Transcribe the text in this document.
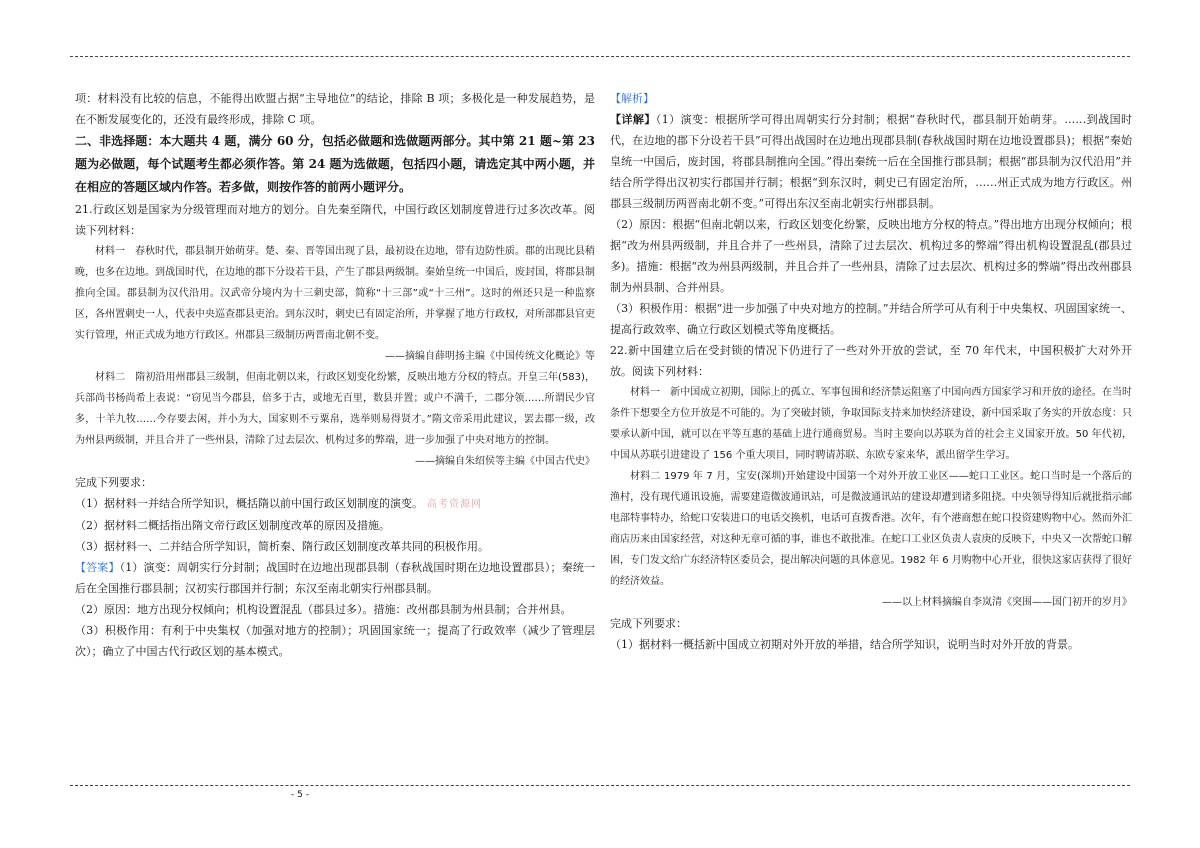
项：材料没有比较的信息，不能得出欧盟占据“主导地位”的结论，排除 B 项；多极化是一种发展趋势，是在不断发展变化的，还没有最终形成，排除 C 项。

二、非选择题：本大题共 4 题，满分 60 分，包括必做题和选做题两部分。其中第 21 题~第 23 题为必做题，每个试题考生都必须作答。第 24 题为选做题，包括四小题，请选定其中两小题，并在相应的答题区域内作答。若多做，则按作答的前两小题评分。

21.行政区划是国家为分级管理而对地方的划分。自先秦至隋代，中国行政区划制度曾进行过多次改革。阅读下列材料：

材料一　春秋时代，郡县制开始萌芽。楚、秦、晋等国出现了县，最初设在边地，带有边防性质。郡的出现比县稍晚，也多在边地。到战国时代，在边地的郡下分设若干县，产生了郡县两级制。秦始皇统一中国后，废封国，将郡县制推向全国。郡县制为汉代沿用。汉武帝分境内为十三刺史部，简称“十三部”或“十三州”。这时的州还只是一种监察区，各州置刺史一人，代表中央巡查郡县吏治。到东汉时，刺史已有固定治所，并掌握了地方行政权，对所部郡县官吏实行管理，州正式成为地方行政区。州郡县三级制历两晋南北朝不变。

——摘编自薛明扬主编《中国传统文化概论》等

材料二　隋初沿用州郡县三级制，但南北朝以来，行政区划变化纷繁，反映出地方分权的特点。开皇三年(583)，兵部尚书杨尚希上表说：“窃见当今郡县，倍多于古，或地无百里，数县并置；或户不满千，二郡分领……所谓民少官多，十羊九牧……今存要去闲，并小为大，国家则不亏粟帛，选举则易得贤才。”隋文帝采用此建议，罢去郡一级，改为州县两级制，并且合并了一些州县，清除了过去层次、机构过多的弊端，进一步加强了中央对地方的控制。

——摘编自朱绍侯等主编《中国古代史》

完成下列要求：

（1）据材料一并结合所学知识，概括隋以前中国行政区划制度的演变。 高考资源网

（2）据材料二概括指出隋文帝行政区划制度改革的原因及措施。

（3）据材料一、二并结合所学知识，简析秦、隋行政区划制度改革共同的积极作用。

【答案】（1）演变：周朝实行分封制；战国时在边地出现郡县制（春秋战国时期在边地设置郡县）；秦统一后在全国推行郡县制；汉初实行郡国并行制；东汉至南北朝实行州郡县制。

（2）原因：地方出现分权倾向；机构设置混乱（郡县过多）。措施：改州郡县制为州县制；合并州县。

（3）积极作用：有利于中央集权（加强对地方的控制）；巩固国家统一；提高了行政效率（减少了管理层次）；确立了中国古代行政区划的基本模式。

【解析】

【详解】（1）演变：根据所学可得出周朝实行分封制；根据“春秋时代，郡县制开始萌芽。……到战国时代，在边地的郡下分设若干县”可得出战国时在边地出现郡县制(春秋战国时期在边地设置郡县)；根据“秦始皇统一中国后，废封国，将郡县制推向全国。”得出秦统一后在全国推行郡县制；根据“郡县制为汉代沿用”并结合所学得出汉初实行郡国并行制；根据“到东汉时，刺史已有固定治所，……州正式成为地方行政区。州郡县三级制历两晋南北朝不变。”可得出东汉至南北朝实行州郡县制。

（2）原因：根据“但南北朝以来，行政区划变化纷繁，反映出地方分权的特点。”得出地方出现分权倾向；根据“改为州县两级制，并且合并了一些州县，清除了过去层次、机构过多的弊端”得出机构设置混乱(郡县过多)。措施：根据“改为州县两级制，并且合并了一些州县，清除了过去层次、机构过多的弊端”得出改州郡县制为州县制、合并州县。

（3）积极作用：根据“进一步加强了中央对地方的控制。”并结合所学可从有利于中央集权、巩固国家统一、提高行政效率、确立行政区划模式等角度概括。

22.新中国建立后在受封锁的情况下仍进行了一些对外开放的尝试，至 70 年代末，中国积极扩大对外开放。阅读下列材料：

材料一　新中国成立初期，国际上的孤立、军事包围和经济禁运阻塞了中国向西方国家学习和开放的途径。在当时条件下想要全方位开放是不可能的。为了突破封锁，争取国际支持来加快经济建设，新中国采取了务实的开放态度：只要承认新中国，就可以在平等互惠的基础上进行通商贸易。当时主要向以苏联为首的社会主义国家开放。50 年代初，中国从苏联引进建设了 156 个重大项目，同时聘请苏联、东欧专家来华，派出留学生学习。

材料二 1979 年 7 月，宝安(深圳)开始建设中国第一个对外开放工业区——蛇口工业区。蛇口当时是一个落后的渔村，没有现代通讯设施，需要建造微波通讯站，可是微波通讯站的建设却遭到诸多阻挠。中央领导得知后就批指示邮电部特事特办，给蛇口安装进口的电话交换机，电话可直拨香港。次年，有个港商想在蛇口投资建购物中心。然而外汇商店历来由国家经营，对这种无章可循的事，谁也不敢批准。在蛇口工业区负责人袁庚的反映下，中央又一次帮蛇口解困，专门发文给广东经济特区委员会，提出解决问题的具体意见。1982 年 6 月购物中心开业，很快这家店获得了很好的经济效益。

——以上材料摘编自李岚清《突围——国门初开的岁月》

完成下列要求：

（1）据材料一概括新中国成立初期对外开放的举措，结合所学知识，说明当时对外开放的背景。

- 5 -
